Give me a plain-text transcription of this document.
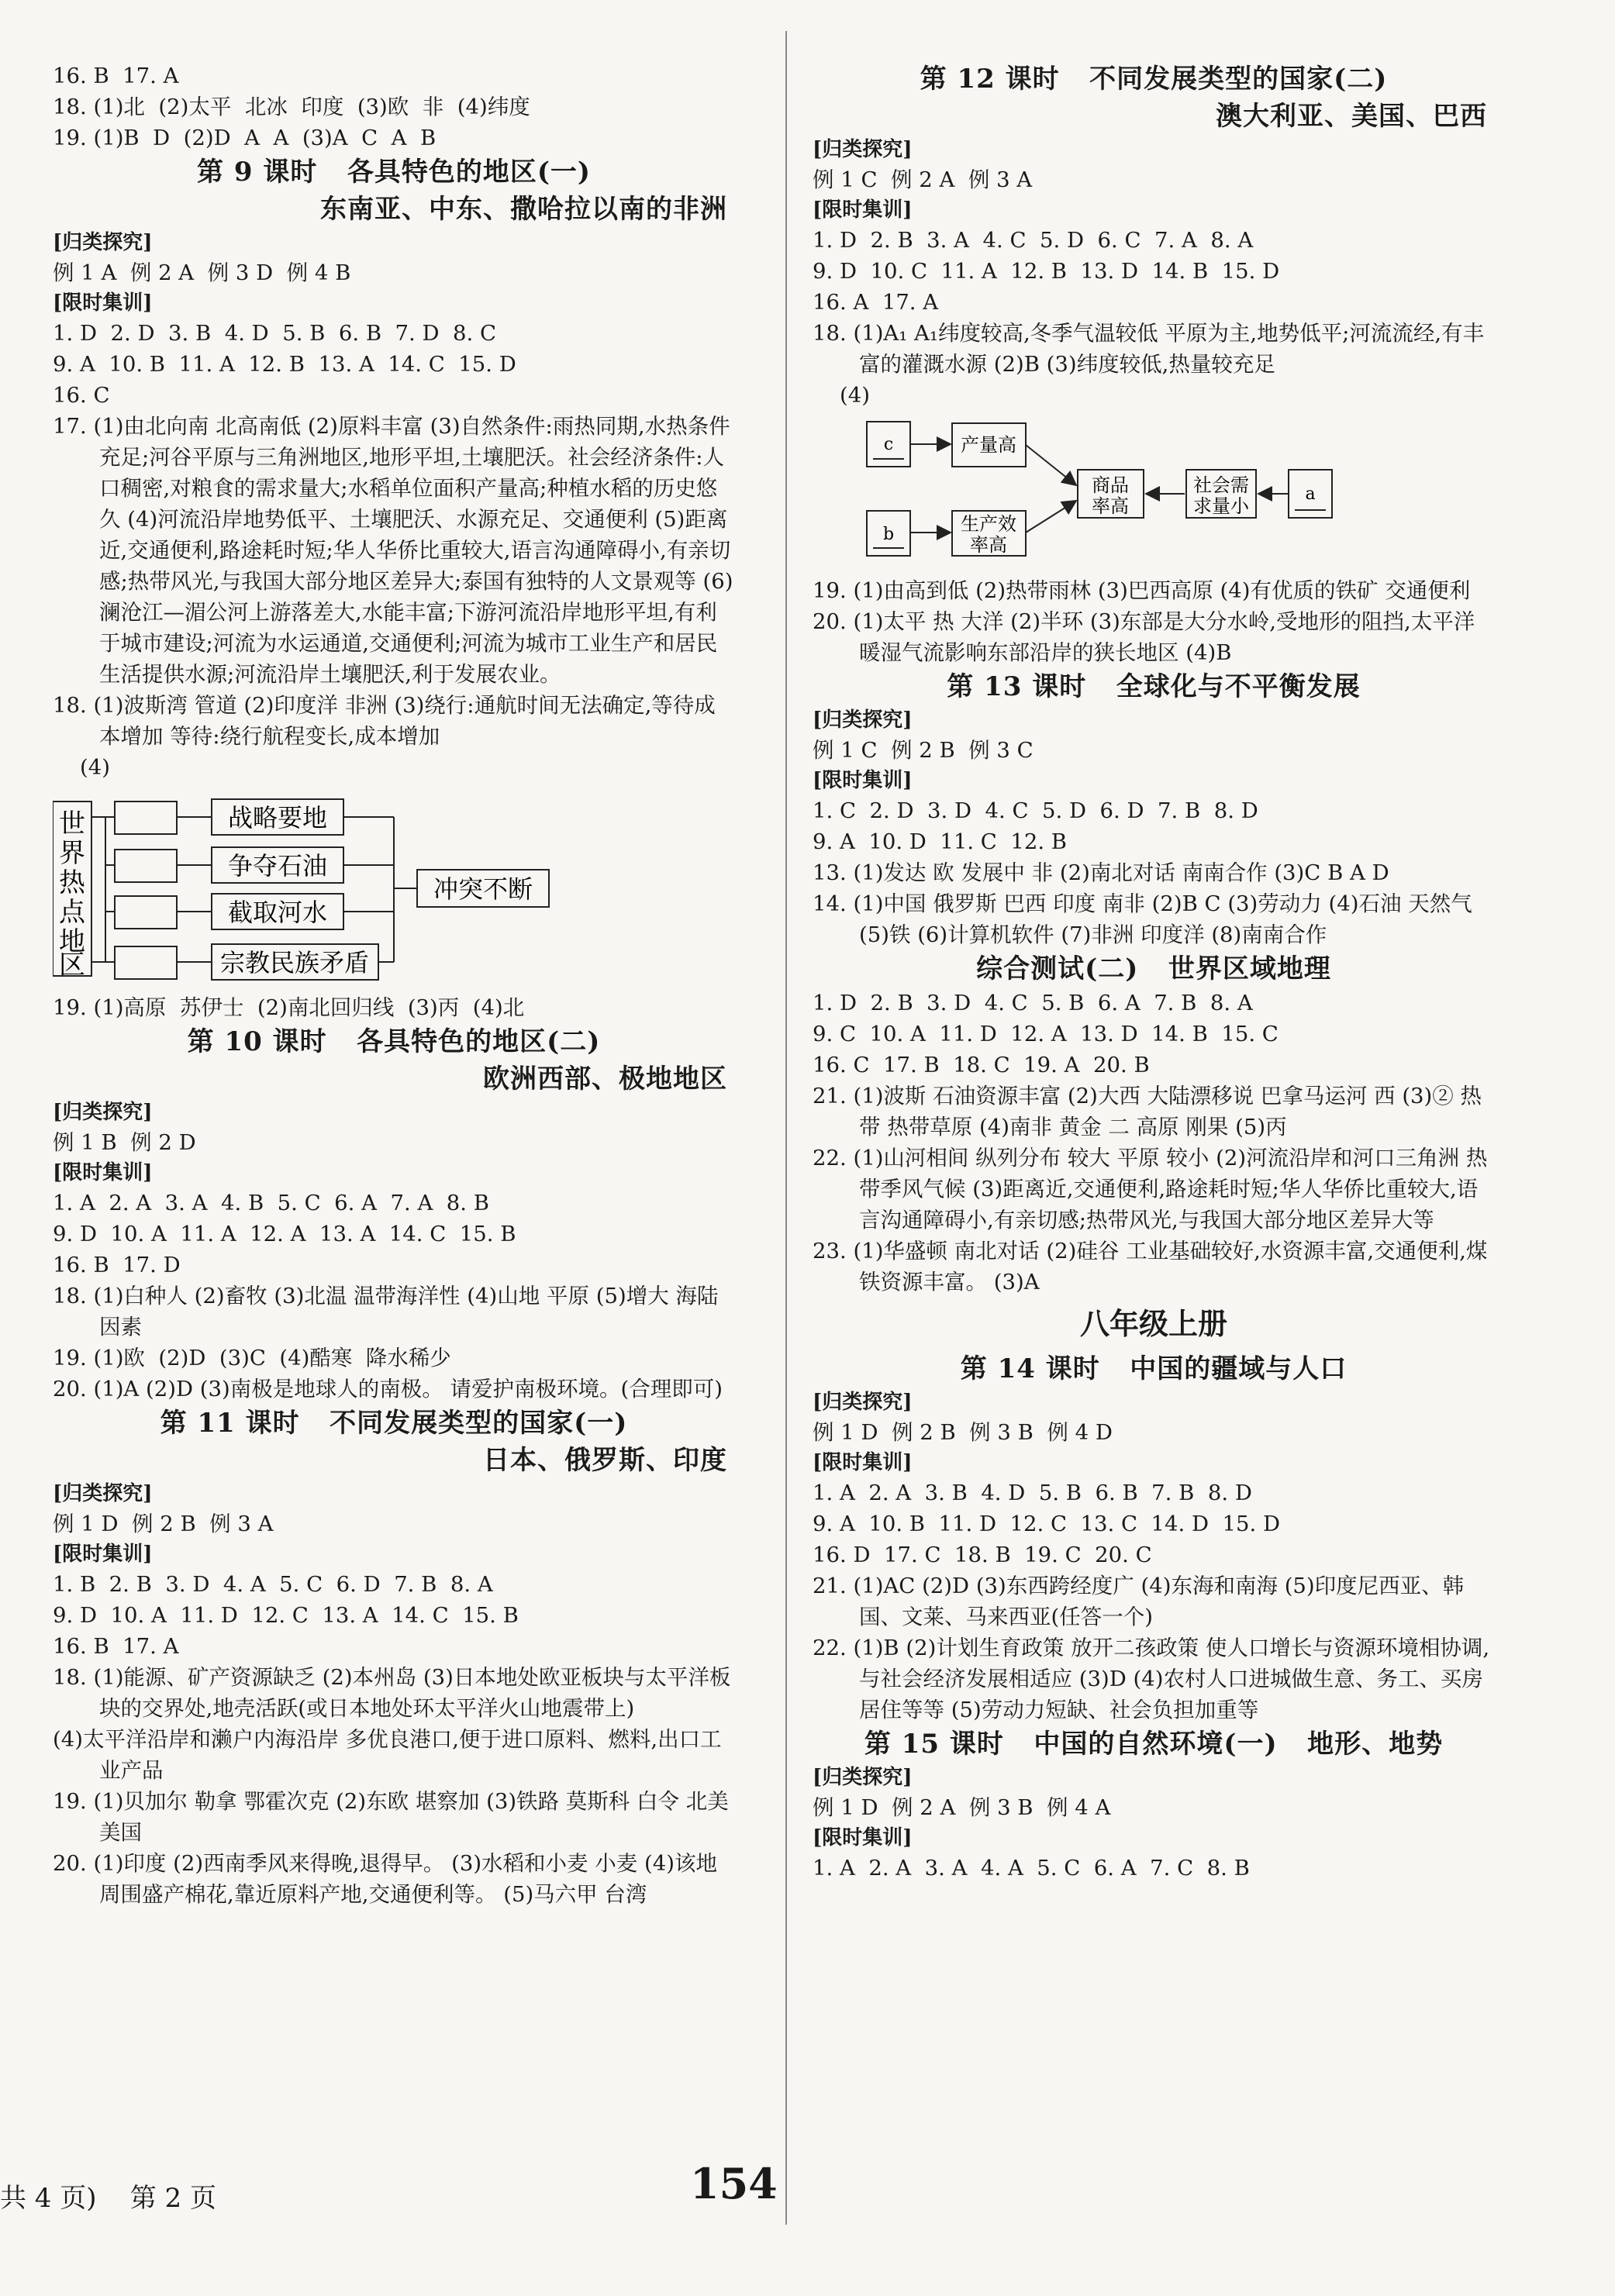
16. B  17. A
18. (1)北  (2)太平  北冰  印度  (3)欧  非  (4)纬度
19. (1)B  D  (2)D  A  A  (3)A  C  A  B
第 9 课时   各具特色的地区(一)
东南亚、中东、撒哈拉以南的非洲
[归类探究]
例 1 A  例 2 A  例 3 D  例 4 B
[限时集训]
1. D  2. D  3. B  4. D  5. B  6. B  7. D  8. C
9. A  10. B  11. A  12. B  13. A  14. C  15. D
16. C
17. (1)由北向南 北高南低 (2)原料丰富 (3)自然条件:雨热同期,水热条件充足;河谷平原与三角洲地区,地形平坦,土壤肥沃。社会经济条件:人口稠密,对粮食的需求量大;水稻单位面积产量高;种植水稻的历史悠久 (4)河流沿岸地势低平、土壤肥沃、水源充足、交通便利 (5)距离近,交通便利,路途耗时短;华人华侨比重较大,语言沟通障碍小,有亲切感;热带风光,与我国大部分地区差异大;泰国有独特的人文景观等 (6)澜沧江—湄公河上游落差大,水能丰富;下游河流沿岸地形平坦,有利于城市建设;河流为水运通道,交通便利;河流为城市工业生产和居民生活提供水源;河流沿岸土壤肥沃,利于发展农业。
18. (1)波斯湾 管道 (2)印度洋 非洲 (3)绕行:通航时间无法确定,等待成本增加 等待:绕行航程变长,成本增加
(4)
世
界
热
点
地
区
战略要地
争夺石油
截取河水
宗教民族矛盾
冲突不断
19. (1)高原  苏伊士  (2)南北回归线  (3)丙  (4)北
第 10 课时   各具特色的地区(二)
欧洲西部、极地地区
[归类探究]
例 1 B  例 2 D
[限时集训]
1. A  2. A  3. A  4. B  5. C  6. A  7. A  8. B
9. D  10. A  11. A  12. A  13. A  14. C  15. B
16. B  17. D
18. (1)白种人 (2)畜牧 (3)北温 温带海洋性 (4)山地 平原 (5)增大 海陆因素
19. (1)欧  (2)D  (3)C  (4)酷寒  降水稀少
20. (1)A (2)D (3)南极是地球人的南极。 请爱护南极环境。(合理即可)
第 11 课时   不同发展类型的国家(一)
日本、俄罗斯、印度
[归类探究]
例 1 D  例 2 B  例 3 A
[限时集训]
1. B  2. B  3. D  4. A  5. C  6. D  7. B  8. A
9. D  10. A  11. D  12. C  13. A  14. C  15. B
16. B  17. A
18. (1)能源、矿产资源缺乏 (2)本州岛 (3)日本地处欧亚板块与太平洋板块的交界处,地壳活跃(或日本地处环太平洋火山地震带上)
(4)太平洋沿岸和濑户内海沿岸 多优良港口,便于进口原料、燃料,出口工业产品
19. (1)贝加尔 勒拿 鄂霍次克 (2)东欧 堪察加 (3)铁路 莫斯科 白令 北美 美国
20. (1)印度 (2)西南季风来得晚,退得早。 (3)水稻和小麦 小麦 (4)该地周围盛产棉花,靠近原料产地,交通便利等。 (5)马六甲 台湾
第 12 课时   不同发展类型的国家(二)
澳大利亚、美国、巴西
[归类探究]
例 1 C  例 2 A  例 3 A
[限时集训]
1. D  2. B  3. A  4. C  5. D  6. C  7. A  8. A
9. D  10. C  11. A  12. B  13. D  14. B  15. D
16. A  17. A
18. (1)A₁ A₁纬度较高,冬季气温较低 平原为主,地势低平;河流流经,有丰富的灌溉水源 (2)B (3)纬度较低,热量较充足
(4)
c
b
a
产量高
生产效
率高
商品
率高
社会需
求量小
19. (1)由高到低 (2)热带雨林 (3)巴西高原 (4)有优质的铁矿 交通便利
20. (1)太平 热 大洋 (2)半环 (3)东部是大分水岭,受地形的阻挡,太平洋暖湿气流影响东部沿岸的狭长地区 (4)B
第 13 课时   全球化与不平衡发展
[归类探究]
例 1 C  例 2 B  例 3 C
[限时集训]
1. C  2. D  3. D  4. C  5. D  6. D  7. B  8. D
9. A  10. D  11. C  12. B
13. (1)发达 欧 发展中 非 (2)南北对话 南南合作 (3)C B A D
14. (1)中国 俄罗斯 巴西 印度 南非 (2)B C (3)劳动力 (4)石油 天然气 (5)铁 (6)计算机软件 (7)非洲 印度洋 (8)南南合作
综合测试(二)   世界区域地理
1. D  2. B  3. D  4. C  5. B  6. A  7. B  8. A
9. C  10. A  11. D  12. A  13. D  14. B  15. C
16. C  17. B  18. C  19. A  20. B
21. (1)波斯 石油资源丰富 (2)大西 大陆漂移说 巴拿马运河 西 (3)② 热带 热带草原 (4)南非 黄金 二 高原 刚果 (5)丙
22. (1)山河相间 纵列分布 较大 平原 较小 (2)河流沿岸和河口三角洲 热带季风气候 (3)距离近,交通便利,路途耗时短;华人华侨比重较大,语言沟通障碍小,有亲切感;热带风光,与我国大部分地区差异大等
23. (1)华盛顿 南北对话 (2)硅谷 工业基础较好,水资源丰富,交通便利,煤铁资源丰富。 (3)A
八年级上册
第 14 课时   中国的疆域与人口
[归类探究]
例 1 D  例 2 B  例 3 B  例 4 D
[限时集训]
1. A  2. A  3. B  4. D  5. B  6. B  7. B  8. D
9. A  10. B  11. D  12. C  13. C  14. D  15. D
16. D  17. C  18. B  19. C  20. C
21. (1)AC (2)D (3)东西跨经度广 (4)东海和南海 (5)印度尼西亚、韩国、文莱、马来西亚(任答一个)
22. (1)B (2)计划生育政策 放开二孩政策 使人口增长与资源环境相协调,与社会经济发展相适应 (3)D (4)农村人口进城做生意、务工、买房居住等等 (5)劳动力短缺、社会负担加重等
第 15 课时   中国的自然环境(一)   地形、地势
[归类探究]
例 1 D  例 2 A  例 3 B  例 4 A
[限时集训]
1. A  2. A  3. A  4. A  5. C  6. A  7. C  8. B
共 4 页)    第 2 页	154
